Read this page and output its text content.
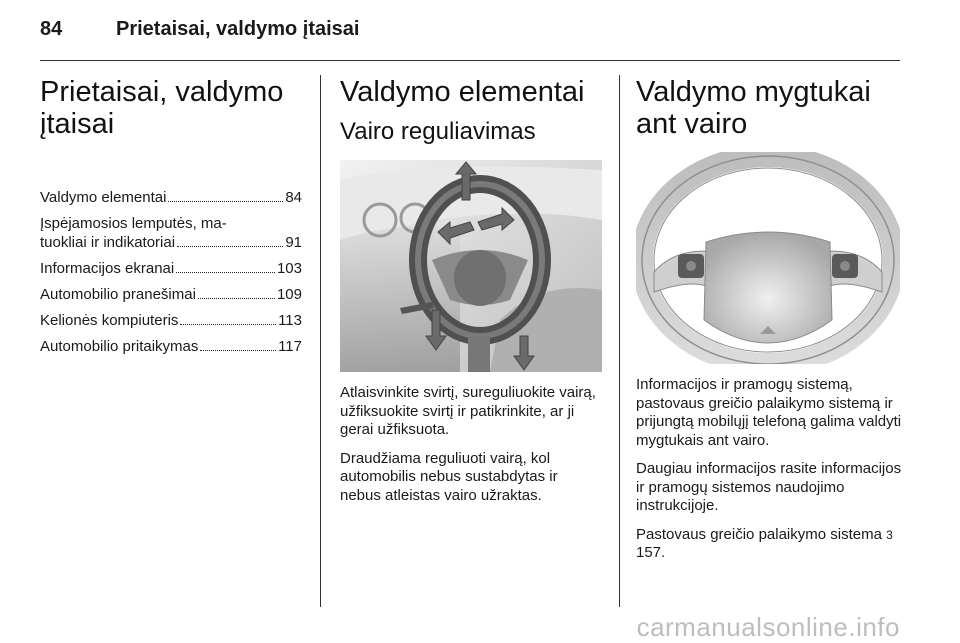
84	Prietaisai, valdymo įtaisai
Prietaisai, valdymo įtaisai
Valdymo elementai	84
Įspėjamosios lemputės, ma-
tuokliai ir indikatoriai	91
Informacijos ekranai	103
Automobilio pranešimai	109
Kelionės kompiuteris	113
Automobilio pritaikymas	117
Valdymo elementai
Vairo reguliavimas

Atlaisvinkite svirtį, sureguliuokite vairą, užfiksuokite svirtį ir patikrinkite, ar ji gerai užfiksuota.

Draudžiama reguliuoti vairą, kol automobilis nebus sustabdytas ir nebus atleistas vairo užraktas.

Valdymo mygtukai ant vairo

Informacijos ir pramogų sistemą, pastovaus greičio palaikymo sistemą ir prijungtą mobilųjį telefoną galima valdyti mygtukais ant vairo.

Daugiau informacijos rasite informacijos ir pramogų sistemos naudojimo instrukcijoje.

Pastovaus greičio palaikymo sistema 3 157.

carmanualsonline.info
